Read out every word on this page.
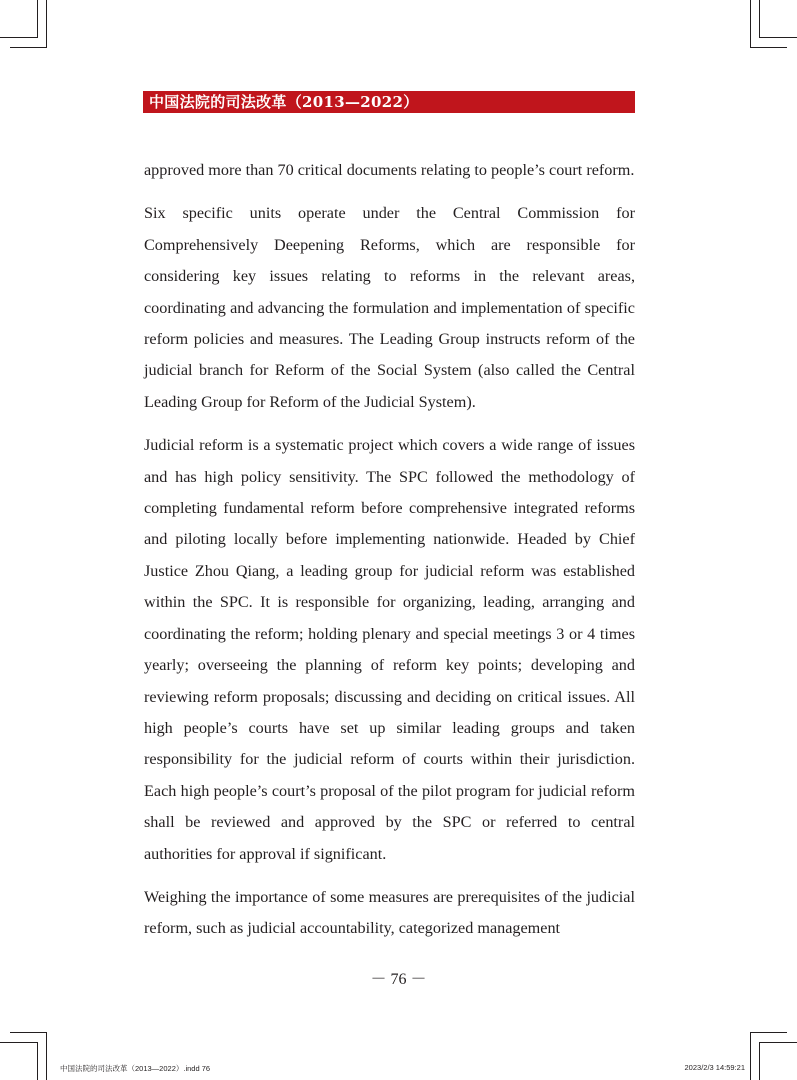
中国法院的司法改革（2013—2022）

approved more than 70 critical documents relating to people’s court reform.

Six specific units operate under the Central Commission for Comprehensively Deepening Reforms, which are responsible for considering key issues relating to reforms in the relevant areas, coordinating and advancing the formulation and implementation of specific reform policies and measures. The Leading Group instructs reform of the judicial branch for Reform of the Social System (also called the Central Leading Group for Reform of the Judicial System).

Judicial reform is a systematic project which covers a wide range of issues and has high policy sensitivity. The SPC followed the methodology of completing fundamental reform before comprehensive integrated reforms and piloting locally before implementing nationwide. Headed by Chief Justice Zhou Qiang, a leading group for judicial reform was established within the SPC. It is responsible for organizing, leading, arranging and coordinating the reform; holding plenary and special meetings 3 or 4 times yearly; overseeing the planning of reform key points; developing and reviewing reform proposals; discussing and deciding on critical issues. All high people’s courts have set up similar leading groups and taken responsibility for the judicial reform of courts within their jurisdiction. Each high people’s court’s proposal of the pilot program for judicial reform shall be reviewed and approved by the SPC or referred to central authorities for approval if significant.

Weighing the importance of some measures are prerequisites of the judicial reform, such as judicial accountability, categorized management

－ 76 －
中国法院的司法改革（2013—2022）.indd 76	2023/2/3 14:59:21
